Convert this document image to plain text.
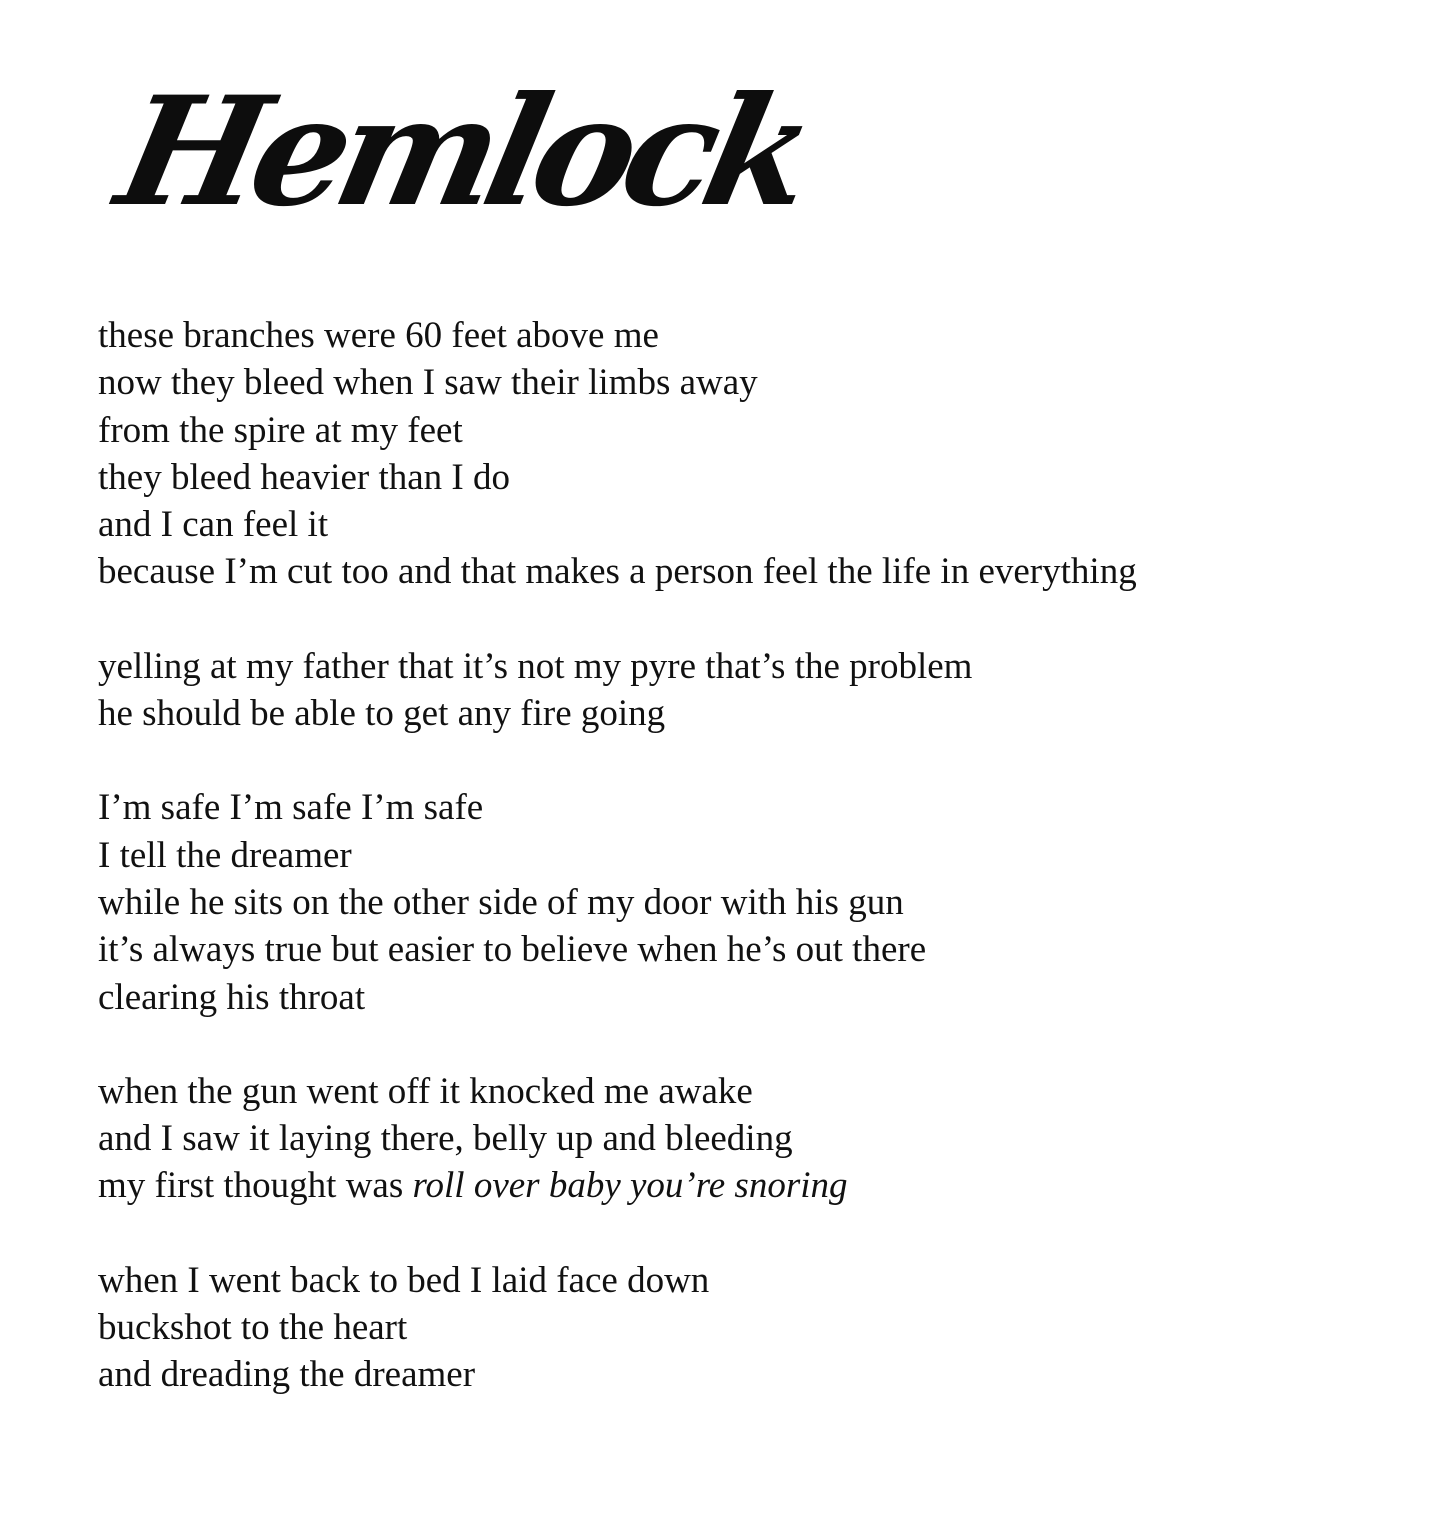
Hemlock

these branches were 60 feet above me
now they bleed when I saw their limbs away
from the spire at my feet
they bleed heavier than I do
and I can feel it
because I’m cut too and that makes a person feel the life in everything

yelling at my father that it’s not my pyre that’s the problem
he should be able to get any fire going

I’m safe I’m safe I’m safe
I tell the dreamer
while he sits on the other side of my door with his gun
it’s always true but easier to believe when he’s out there
clearing his throat

when the gun went off it knocked me awake
and I saw it laying there, belly up and bleeding
my first thought was roll over baby you’re snoring

when I went back to bed I laid face down
buckshot to the heart
and dreading the dreamer
